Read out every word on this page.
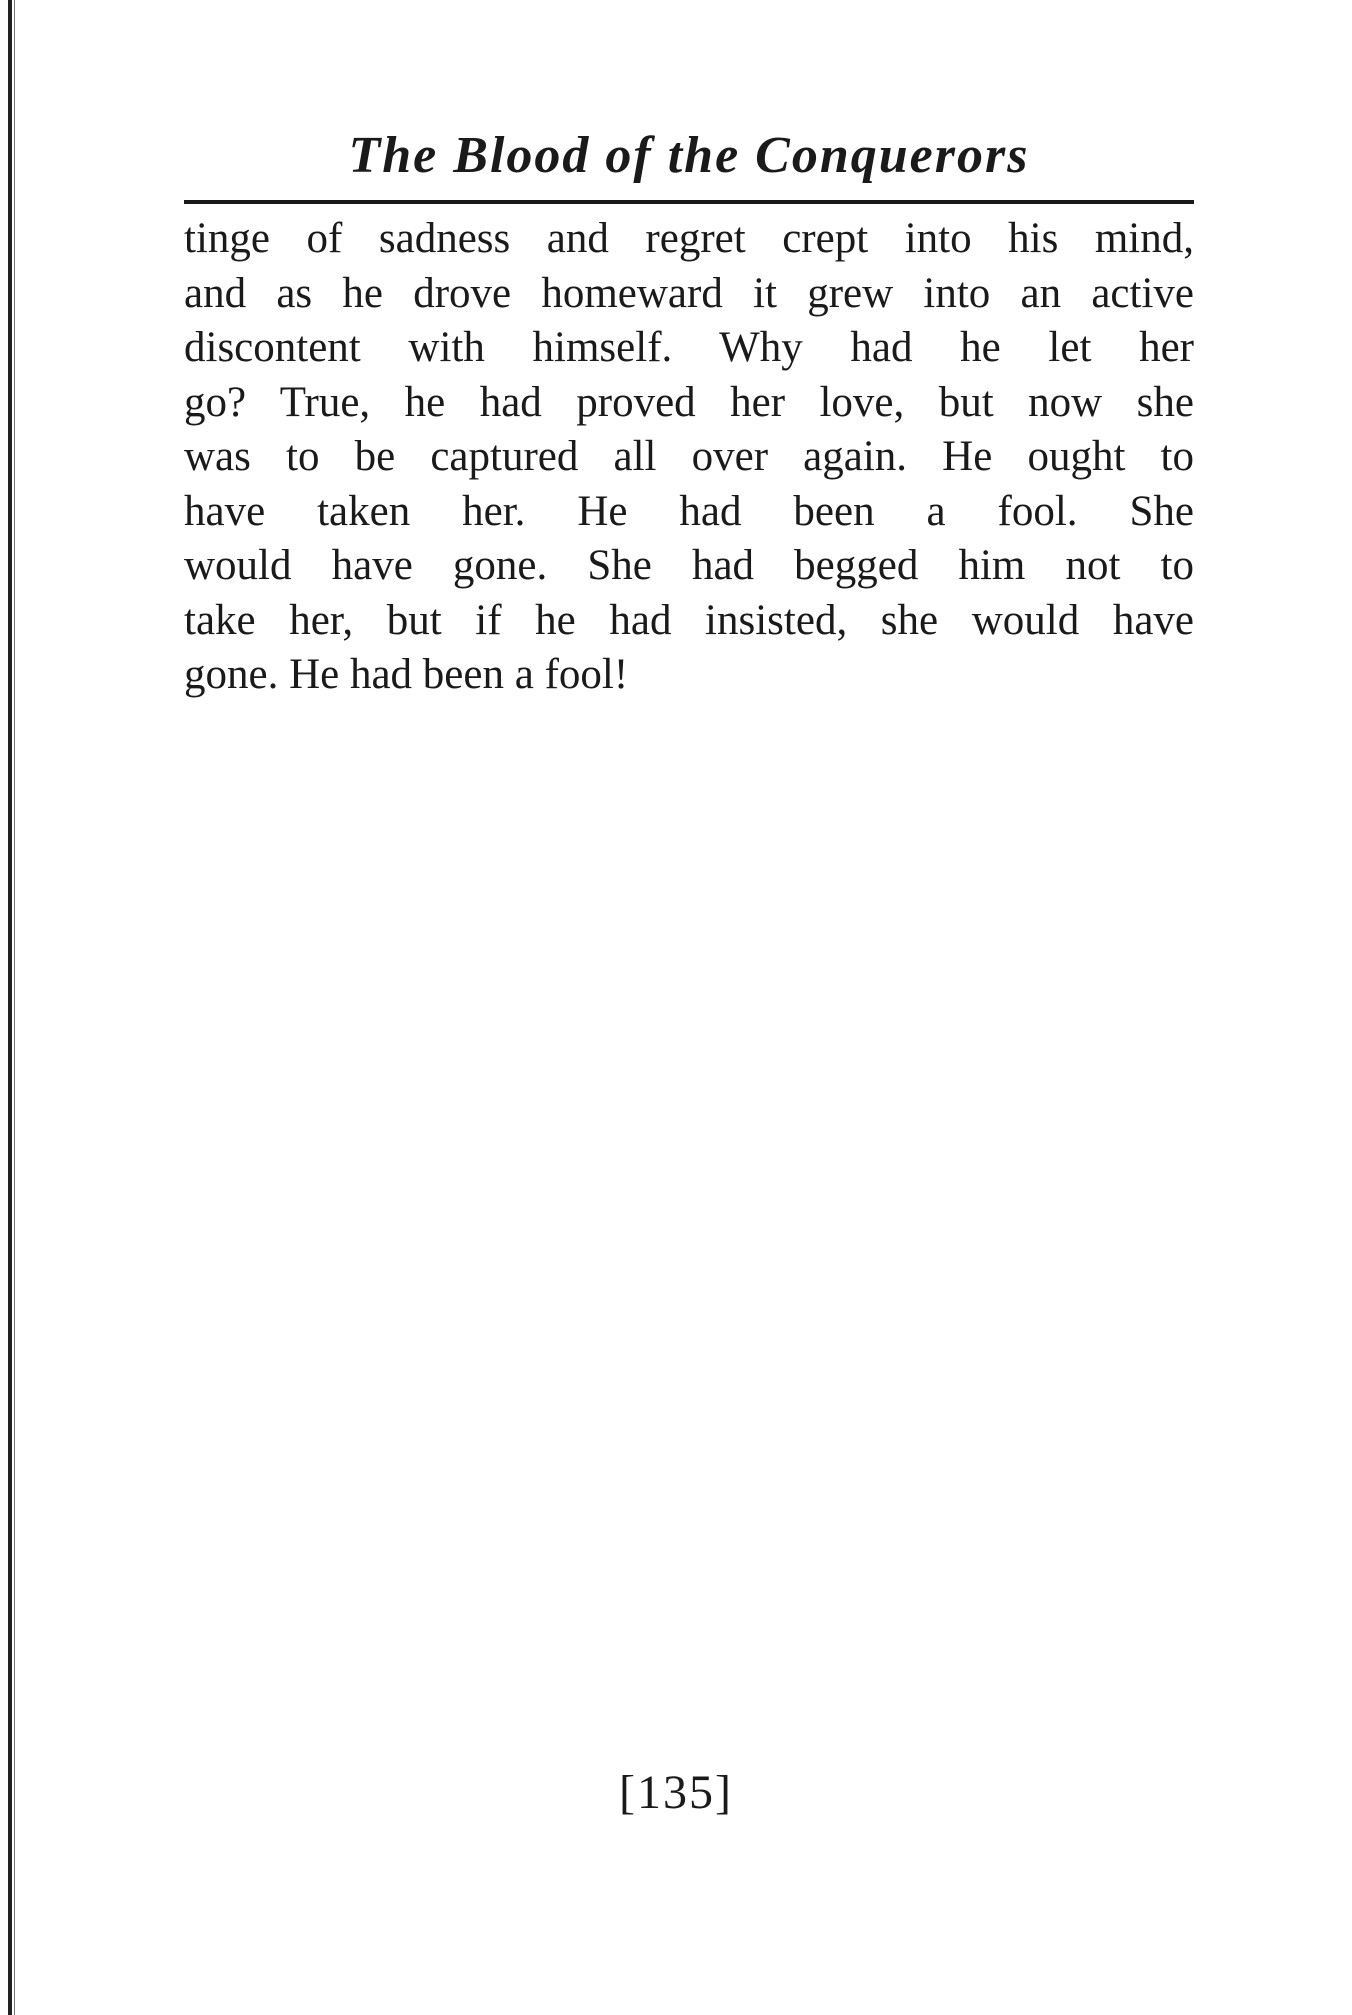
The Blood of the Conquerors
tinge of sadness and regret crept into his mind,
and as he drove homeward it grew into an active
discontent with himself. Why had he let her
go? True, he had proved her love, but now she
was to be captured all over again. He ought to
have taken her. He had been a fool. She
would have gone. She had begged him not to
take her, but if he had insisted, she would have
gone. He had been a fool!
[135]
